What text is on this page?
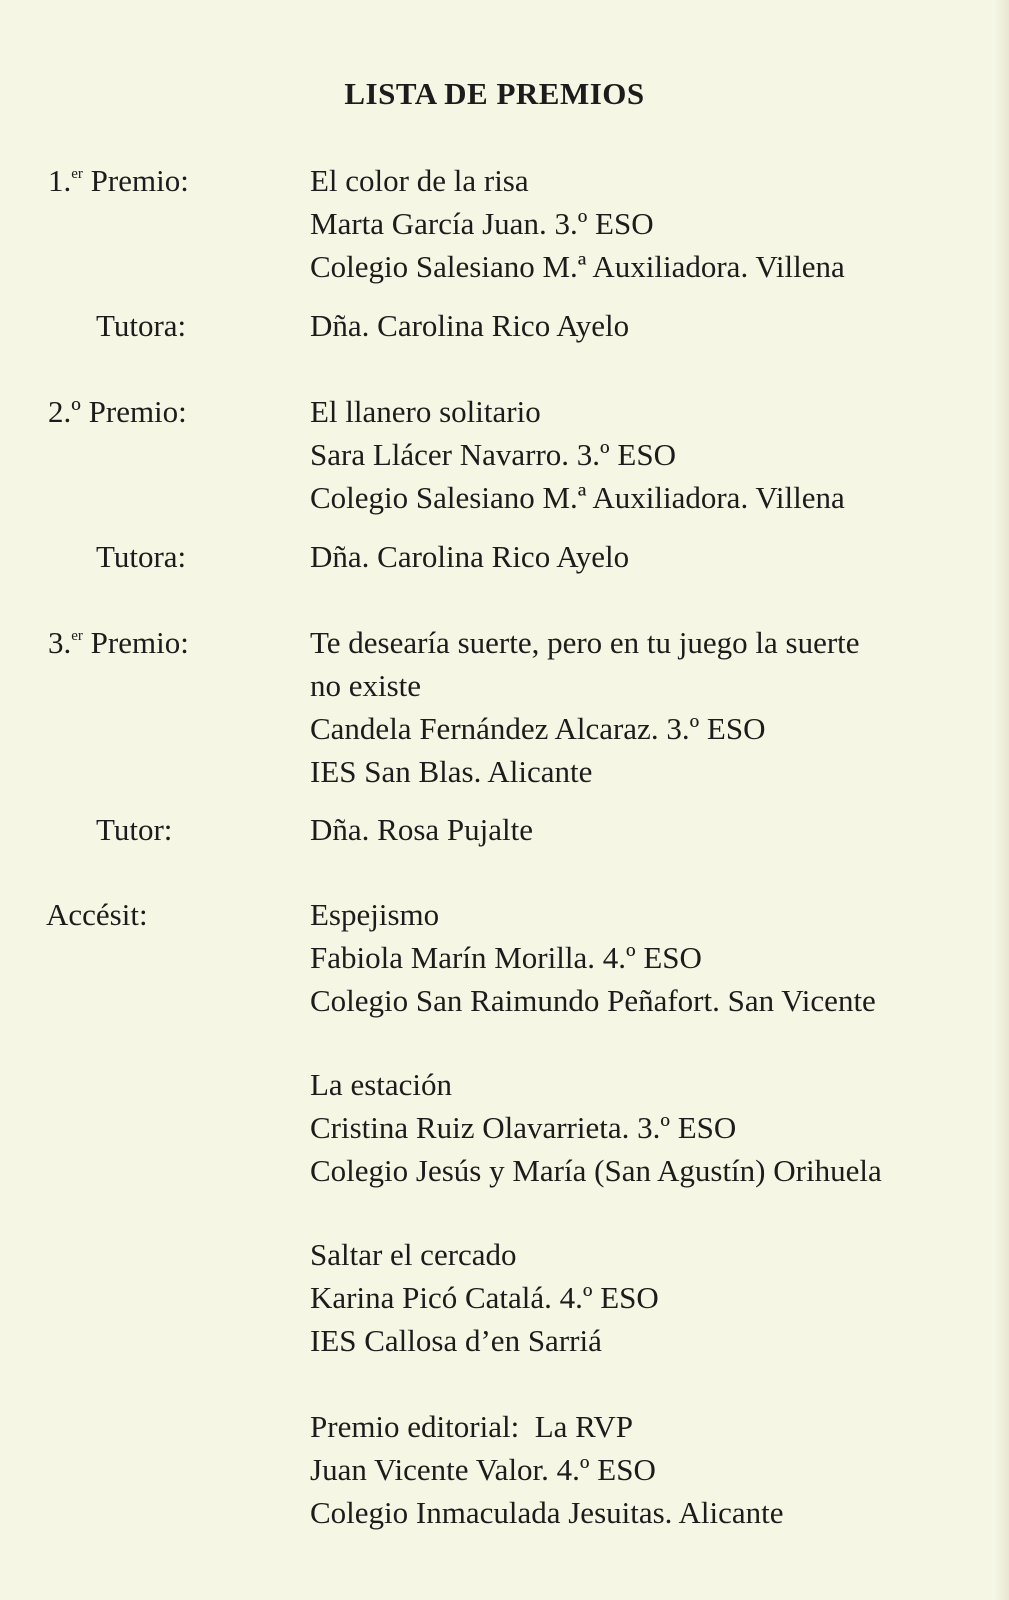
LISTA DE PREMIOS
1.$^{er}$ Premio:	El color de la risa
Marta García Juan. 3.º ESO
Colegio Salesiano M.ª Auxiliadora. Villena
Tutora:	Dña. Carolina Rico Ayelo
2.º Premio:	El llanero solitario
Sara Llácer Navarro. 3.º ESO
Colegio Salesiano M.ª Auxiliadora. Villena
Tutora:	Dña. Carolina Rico Ayelo
3.$^{er}$ Premio:	Te desearía suerte, pero en tu juego la suerte
no existe
Candela Fernández Alcaraz. 3.º ESO
IES San Blas. Alicante
Tutor:	Dña. Rosa Pujalte
Accésit:	Espejismo
Fabiola Marín Morilla. 4.º ESO
Colegio San Raimundo Peñafort. San Vicente
La estación
Cristina Ruiz Olavarrieta. 3.º ESO
Colegio Jesús y María (San Agustín) Orihuela
Saltar el cercado
Karina Picó Catalá. 4.º ESO
IES Callosa d’en Sarriá
Premio editorial:  La RVP
Juan Vicente Valor. 4.º ESO
Colegio Inmaculada Jesuitas. Alicante
